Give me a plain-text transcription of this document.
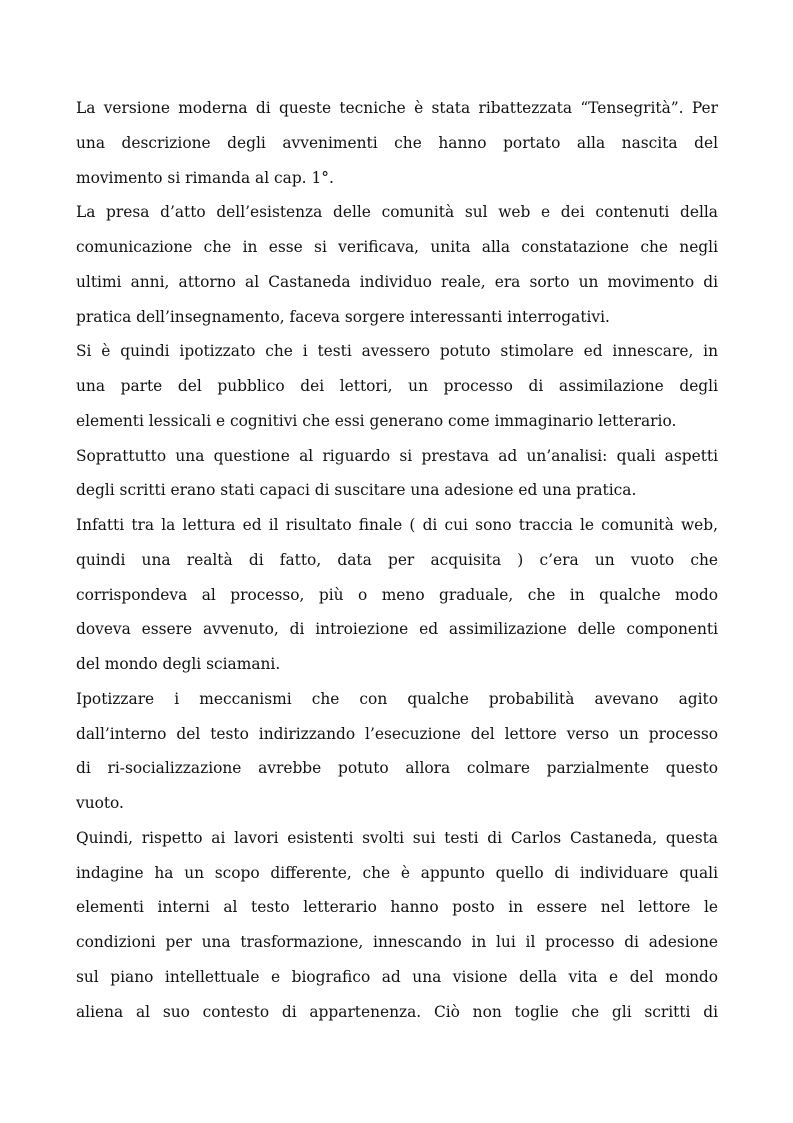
La versione moderna di queste tecniche è stata ribattezzata “Tensegrità”. Per
una descrizione degli avvenimenti che hanno portato alla nascita del
movimento si rimanda al cap. 1°.
La presa d’atto dell’esistenza delle comunità sul web e dei contenuti della
comunicazione che in esse si verificava, unita alla constatazione che negli
ultimi anni, attorno al Castaneda individuo reale, era sorto un movimento di
pratica dell’insegnamento, faceva sorgere interessanti interrogativi.
Si è quindi ipotizzato che i testi avessero potuto stimolare ed innescare, in
una parte del pubblico dei lettori, un processo di assimilazione degli
elementi lessicali e cognitivi che essi generano come immaginario letterario.
Soprattutto una questione al riguardo si prestava ad un’analisi: quali aspetti
degli scritti erano stati capaci di suscitare una adesione ed una pratica.
Infatti tra la lettura ed il risultato finale ( di cui sono traccia le comunità web,
quindi una realtà di fatto, data per acquisita ) c’era un vuoto che
corrispondeva al processo, più o meno graduale, che in qualche modo
doveva essere avvenuto, di introiezione ed assimilizazione delle componenti
del mondo degli sciamani.
Ipotizzare i meccanismi che con qualche probabilità avevano agito
dall’interno del testo indirizzando l’esecuzione del lettore verso un processo
di ri-socializzazione avrebbe potuto allora colmare parzialmente questo
vuoto.
Quindi, rispetto ai lavori esistenti svolti sui testi di Carlos Castaneda, questa
indagine ha un scopo differente, che è appunto quello di individuare quali
elementi interni al testo letterario hanno posto in essere nel lettore le
condizioni per una trasformazione, innescando in lui il processo di adesione
sul piano intellettuale e biografico ad una visione della vita e del mondo
aliena al suo contesto di appartenenza. Ciò non toglie che gli scritti di
